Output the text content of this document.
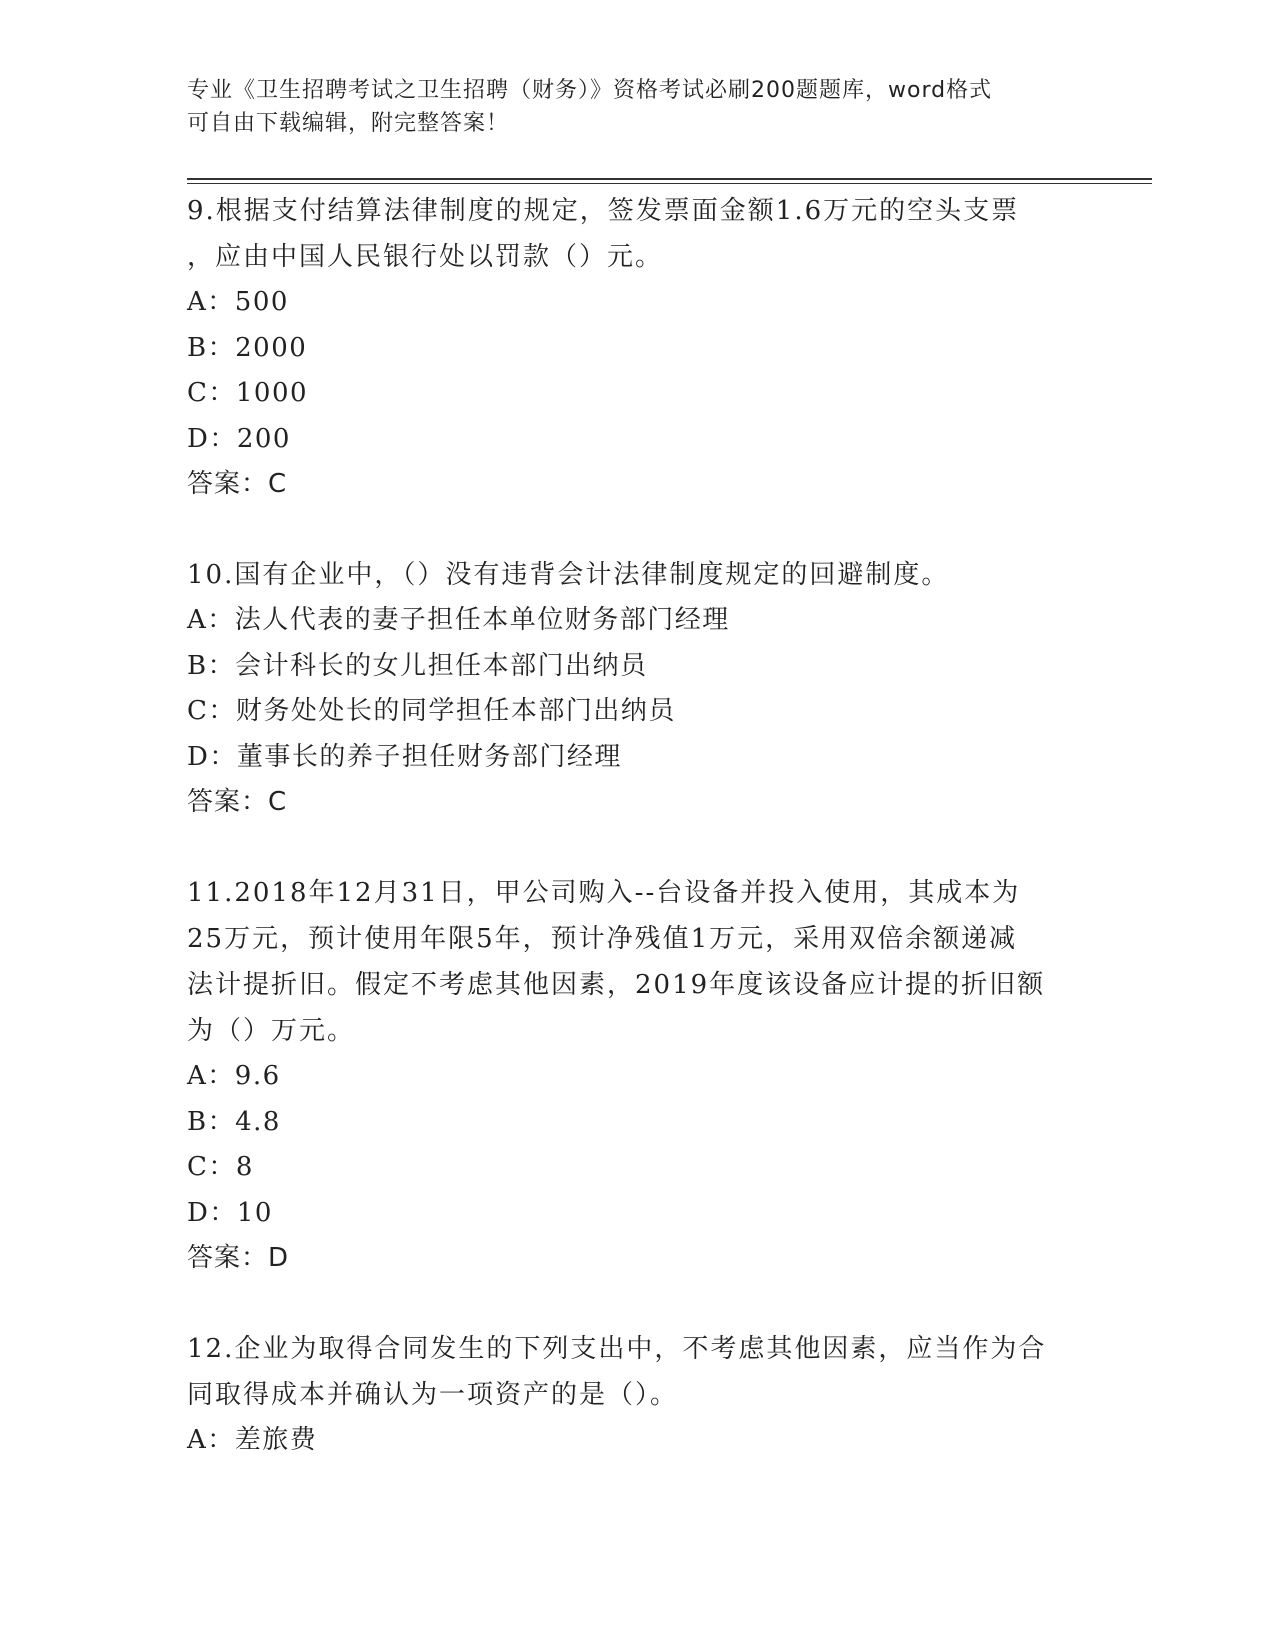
专业《卫生招聘考试之卫生招聘（财务）》资格考试必刷200题题库，word格式
可自由下载编辑，附完整答案！

9.根据支付结算法律制度的规定，签发票面金额1.6万元的空头支票

，应由中国人民银行处以罚款（）元。

A：500

B：2000

C：1000

D：200

答案：C

10.国有企业中，（）没有违背会计法律制度规定的回避制度。

A：法人代表的妻子担任本单位财务部门经理

B：会计科长的女儿担任本部门出纳员

C：财务处处长的同学担任本部门出纳员

D：董事长的养子担任财务部门经理

答案：C

11.2018年12月31日，甲公司购入--台设备并投入使用，其成本为

25万元，预计使用年限5年，预计净残值1万元，采用双倍余额递减

法计提折旧。假定不考虑其他因素，2019年度该设备应计提的折旧额

为（）万元。

A：9.6

B：4.8

C：8

D：10

答案：D

12.企业为取得合同发生的下列支出中，不考虑其他因素，应当作为合

同取得成本并确认为一项资产的是（）。

A：差旅费
